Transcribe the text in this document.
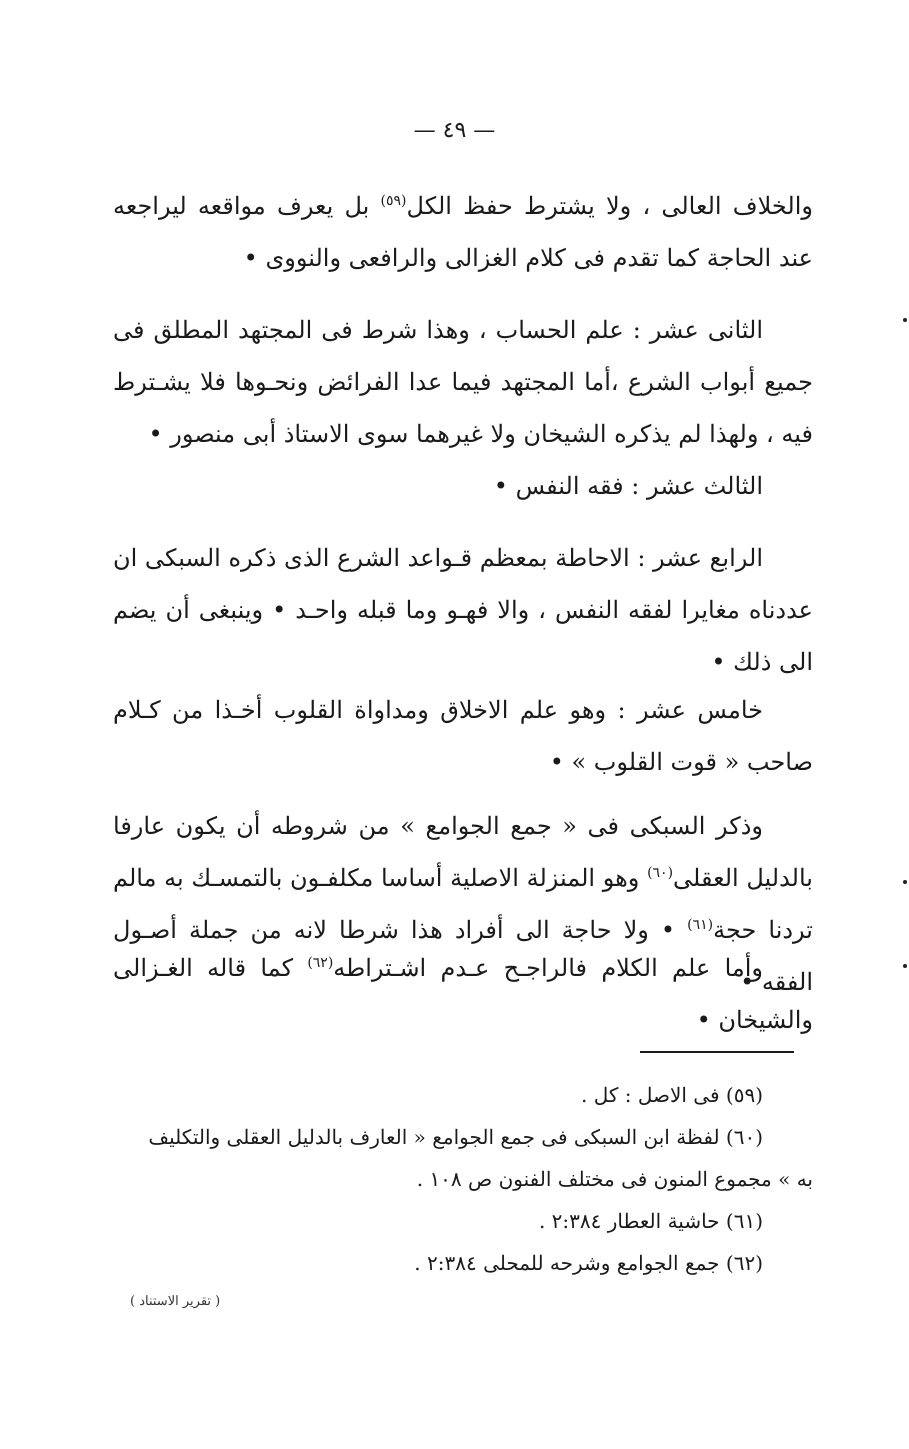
— ٤٩ —

والخلاف العالى ، ولا يشترط حفظ الكل$^{(٥٩)}$ بل يعرف مواقعه ليراجعه عند الحاجة كما تقدم فى كلام الغزالى والرافعى والنووى •

الثانى عشر : علم الحساب ، وهذا شرط فى المجتهد المطلق فى جميع أبواب الشرع ،أما المجتهد فيما عدا الفرائض ونحـوها فلا يشـترط فيه ، ولهذا لم يذكره الشيخان ولا غيرهما سوى الاستاذ أبى منصور •

الثالث عشر : فقه النفس •

الرابع عشر : الاحاطة بمعظم قـواعد الشرع الذى ذكره السبكى ان عددناه مغايرا لفقه النفس ، والا فهـو وما قبله واحـد • وينبغى أن يضم الى ذلك •

خامس عشر : وهو علم الاخلاق ومداواة القلوب أخـذا من كـلام صاحب « قوت القلوب » •

وذكر السبكى فى « جمع الجوامع » من شروطه أن يكون عارفا بالدليل العقلى$^{(٦٠)}$ وهو المنزلة الاصلية أساسا مكلفـون بالتمسـك به مالم تردنا حجة$^{(٦١)}$ • ولا حاجة الى أفراد هذا شرطا لانه من جملة أصـول الفقه •

وأما علم الكلام فالراجـح عـدم اشـتراطه$^{(٦٢)}$ كما قاله الغـزالى والشيخان •

(٥٩) فى الاصل : كل .

(٦٠) لفظة ابن السبكى فى جمع الجوامع « العارف بالدليل العقلى والتكليف

به » مجموع المنون فى مختلف الفنون ص ١٠٨ .

(٦١) حاشية العطار ٢:٣٨٤ .

(٦٢) جمع الجوامع وشرحه للمحلى ٢:٣٨٤ .

( تقرير الاستناد )
